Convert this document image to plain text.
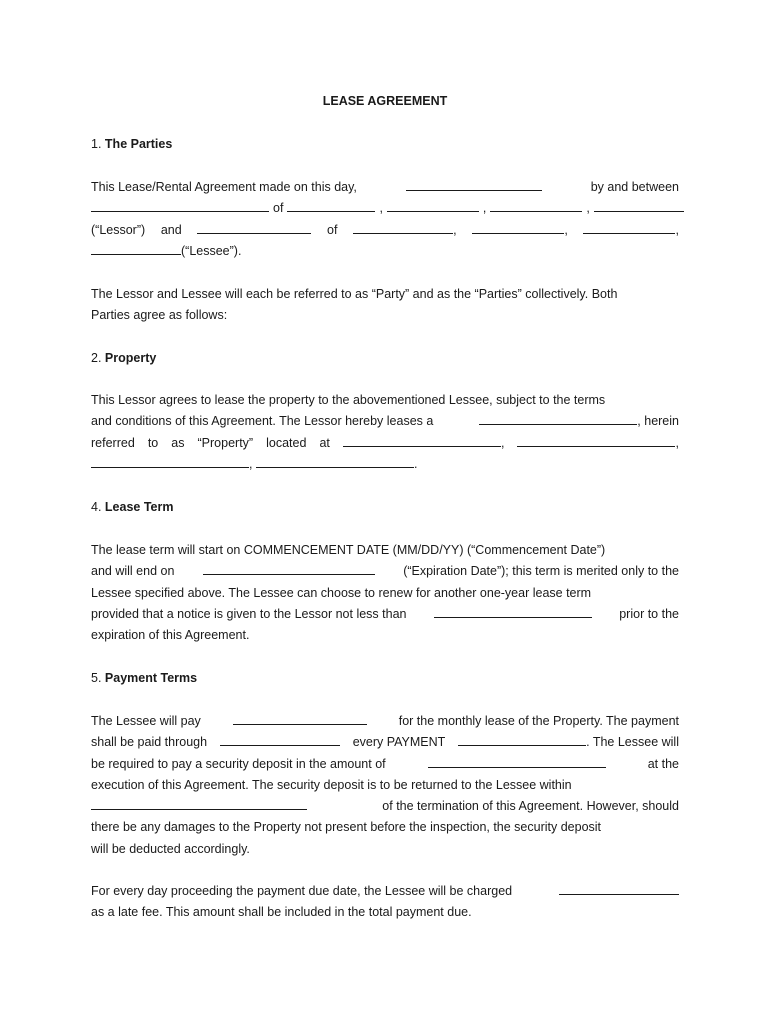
LEASE AGREEMENT
1. The Parties
This Lease/Rental Agreement made on this day,	by and between
of	,	,	,
(“Lessor”) and	of	,	,	,
(“Lessee”).
The Lessor and Lessee will each be referred to as “Party” and as the “Parties” collectively. Both
Parties agree as follows:
2. Property
This Lessor agrees to lease the property to the abovementioned Lessee, subject to the terms
and conditions of this Agreement. The Lessor hereby leases a	, herein
referred to as “Property” located at	,	,
,	.
4. Lease Term
The lease term will start on COMMENCEMENT DATE (MM/DD/YY) (“Commencement Date”)
and will end on	(“Expiration Date”); this term is merited only to the
Lessee specified above. The Lessee can choose to renew for another one-year lease term
provided that a notice is given to the Lessor not less than	prior to the
expiration of this Agreement.
5. Payment Terms
The Lessee will pay	for the monthly lease of the Property. The payment
shall be paid through	every PAYMENT	. The Lessee will
be required to pay a security deposit in the amount of	at the
execution of this Agreement. The security deposit is to be returned to the Lessee within
of the termination of this Agreement. However, should
there be any damages to the Property not present before the inspection, the security deposit
will be deducted accordingly.
For every day proceeding the payment due date, the Lessee will be charged
as a late fee. This amount shall be included in the total payment due.
